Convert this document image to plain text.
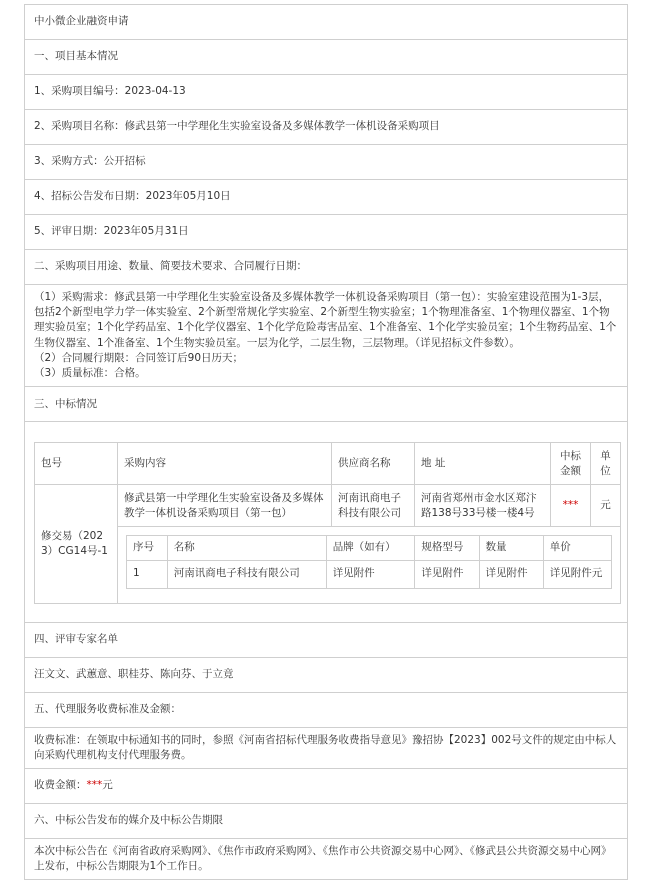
中小微企业融资申请
一、项目基本情况
1、采购项目编号：2023-04-13
2、采购项目名称：修武县第一中学理化生实验室设备及多媒体教学一体机设备采购项目
3、采购方式：公开招标
4、招标公告发布日期：2023年05月10日
5、评审日期：2023年05月31日
二、采购项目用途、数量、简要技术要求、合同履行日期：

（1）采购需求：修武县第一中学理化生实验室设备及多媒体教学一体机设备采购项目（第一包）：实验室建设范围为1-3层，包括2个新型电学力学一体实验室、2个新型常规化学实验室、2个新型生物实验室；1个物理准备室、1个物理仪器室、1个物理实验员室；1个化学药品室、1个化学仪器室、1个化学危险毒害品室、1个准备室、1个化学实验员室；1个生物药品室、1个生物仪器室、1个准备室、1个生物实验员室。一层为化学，二层生物，三层物理。（详见招标文件参数）。
（2）合同履行期限：合同签订后90日历天；
（3）质量标准：合格。

三、中标情况

包号	采购内容	供应商名称	地 址	中标金额	单位
修交易（2023）CG14号-1	修武县第一中学理化生实验室设备及多媒体教学一体机设备采购项目（第一包）	河南讯商电子科技有限公司	河南省郑州市金水区郑汴路138号33号楼一楼4号	***	元

序号	名称	品牌（如有）	规格型号	数量	单价
1	河南讯商电子科技有限公司	详见附件	详见附件	详见附件	详见附件元

四、评审专家名单
汪文文、武蕙意、职桂芬、陈向芬、于立竟
五、代理服务收费标准及金额：
收费标准：在领取中标通知书的同时，参照《河南省招标代理服务收费指导意见》豫招协【2023】002号文件的规定由中标人向采购代理机构支付代理服务费。
收费金额：***元
六、中标公告发布的媒介及中标公告期限
本次中标公告在《河南省政府采购网》、《焦作市政府采购网》、《焦作市公共资源交易中心网》、《修武县公共资源交易中心网》上发布，中标公告期限为1个工作日。
